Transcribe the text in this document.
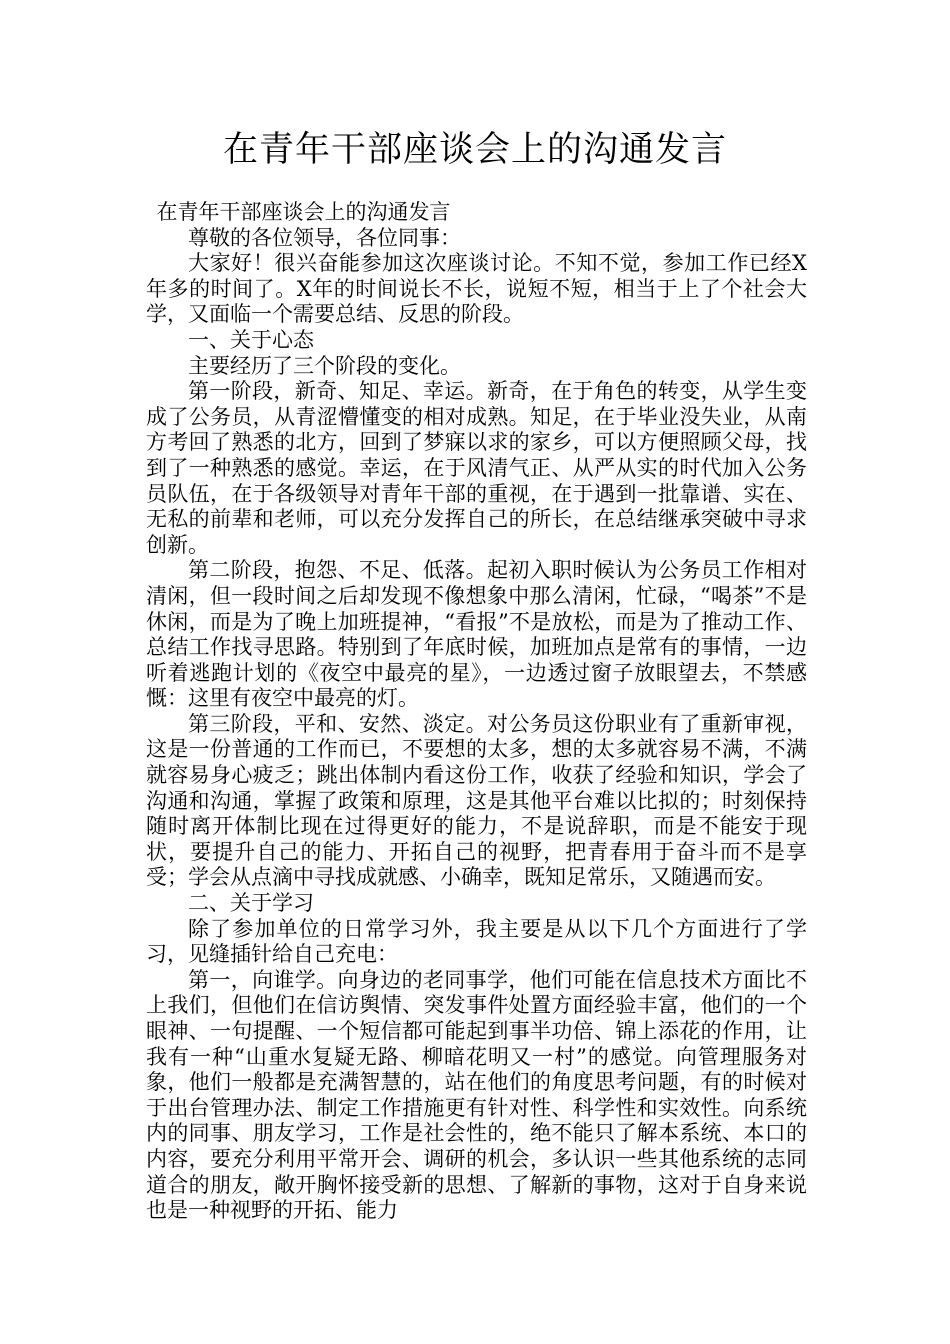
在青年干部座谈会上的沟通发言

在青年干部座谈会上的沟通发言

尊敬的各位领导，各位同事：

大家好！很兴奋能参加这次座谈讨论。不知不觉，参加工作已经X年多的时间了。X年的时间说长不长，说短不短，相当于上了个社会大学，又面临一个需要总结、反思的阶段。

一、关于心态

主要经历了三个阶段的变化。

第一阶段，新奇、知足、幸运。新奇，在于角色的转变，从学生变成了公务员，从青涩懵懂变的相对成熟。知足，在于毕业没失业，从南方考回了熟悉的北方，回到了梦寐以求的家乡，可以方便照顾父母，找到了一种熟悉的感觉。幸运，在于风清气正、从严从实的时代加入公务员队伍，在于各级领导对青年干部的重视，在于遇到一批靠谱、实在、无私的前辈和老师，可以充分发挥自己的所长，在总结继承突破中寻求创新。

第二阶段，抱怨、不足、低落。起初入职时候认为公务员工作相对清闲，但一段时间之后却发现不像想象中那么清闲，忙碌，“喝茶”不是休闲，而是为了晚上加班提神，“看报”不是放松，而是为了推动工作、总结工作找寻思路。特别到了年底时候，加班加点是常有的事情，一边听着逃跑计划的《夜空中最亮的星》，一边透过窗子放眼望去，不禁感慨：这里有夜空中最亮的灯。

第三阶段，平和、安然、淡定。对公务员这份职业有了重新审视，这是一份普通的工作而已，不要想的太多，想的太多就容易不满，不满就容易身心疲乏；跳出体制内看这份工作，收获了经验和知识，学会了沟通和沟通，掌握了政策和原理，这是其他平台难以比拟的；时刻保持随时离开体制比现在过得更好的能力，不是说辞职，而是不能安于现状，要提升自己的能力、开拓自己的视野，把青春用于奋斗而不是享受；学会从点滴中寻找成就感、小确幸，既知足常乐，又随遇而安。

二、关于学习

除了参加单位的日常学习外，我主要是从以下几个方面进行了学习，见缝插针给自己充电：

第一，向谁学。向身边的老同事学，他们可能在信息技术方面比不上我们，但他们在信访舆情、突发事件处置方面经验丰富，他们的一个眼神、一句提醒、一个短信都可能起到事半功倍、锦上添花的作用，让我有一种“山重水复疑无路、柳暗花明又一村”的感觉。向管理服务对象，他们一般都是充满智慧的，站在他们的角度思考问题，有的时候对于出台管理办法、制定工作措施更有针对性、科学性和实效性。向系统内的同事、朋友学习，工作是社会性的，绝不能只了解本系统、本口的内容，要充分利用平常开会、调研的机会，多认识一些其他系统的志同道合的朋友，敞开胸怀接受新的思想、了解新的事物，这对于自身来说也是一种视野的开拓、能力
